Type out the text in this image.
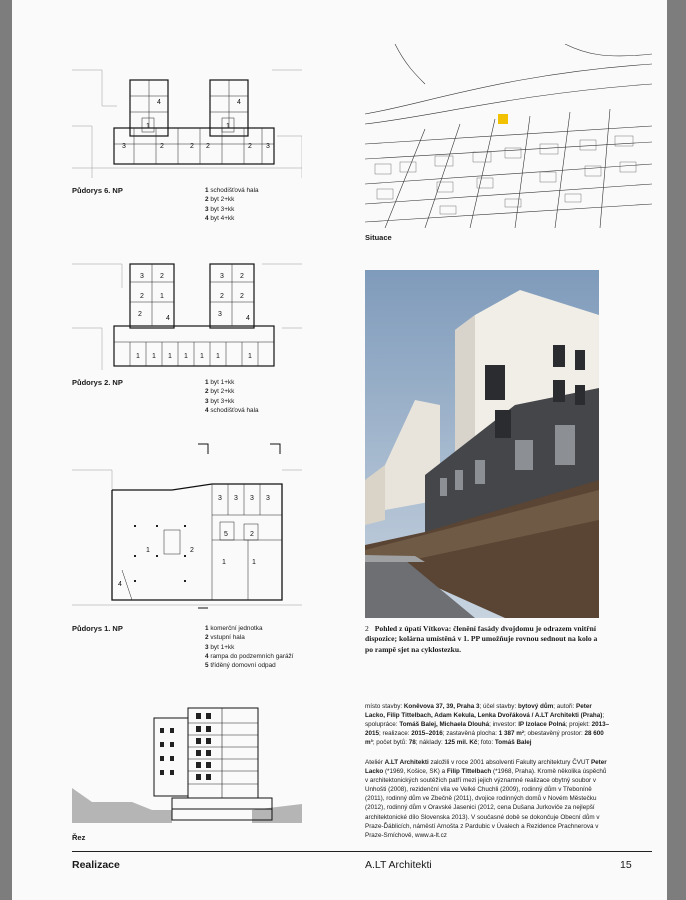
4	4
1	1
3	2	2 2	2 3
Půdorys 6. NP	1 schodišťová hala
2 byt 2+kk
3 byt 3+kk
4 byt 4+kk
3 2
2 1
2
4
3 2
2 2
3
4
1 1 1 1 1 1	1
Půdorys 2. NP	1 byt 1+kk
2 byt 2+kk
3 byt 3+kk
4 schodišťová hala
1	2
3 3 3 3
5	2
1	1
4
Půdorys 1. NP	1 komerční jednotka
2 vstupní hala
3 byt 1+kk
4 rampa do podzemních garáží
5 tříděný domovní odpad
Řez
Situace
2 Pohled z úpatí Vítkova: členění fasády dvojdomu je odrazem vnitřní dispozice; kolárna umístěná v 1. PP umožňuje rovnou sednout na kolo a po rampě sjet na cyklostezku.
místo stavby: Koněvova 37, 39, Praha 3; účel stavby: bytový dům; autoři: Peter Lacko, Filip Tittelbach, Adam Kekula, Lenka Dvořáková / A.LT Architekti (Praha); spolupráce: Tomáš Balej, Michaela Dlouhá; investor: IP Izolace Polná; projekt: 2013–2015; realizace: 2015–2016; zastavěná plocha: 1 387 m²; obestavěný prostor: 28 600 m³; počet bytů: 78; náklady: 125 mil. Kč; foto: Tomáš Balej
Ateliér A.LT Architekti založili v roce 2001 absolventi Fakulty architektury ČVUT Peter Lacko (*1969, Košice, SK) a Filip Tittelbach (*1968, Praha). Kromě několika úspěchů v architektonických soutěžích patří mezi jejich významné realizace obytný soubor v Unhošti (2008), rezidenční vila ve Velké Chuchli (2009), rodinný dům v Třeboníně (2011), rodinný dům ve Zbečně (2011), dvojice rodinných domů v Novém Městečku (2012), rodinný dům v Oravské Jasenici (2012, cena Dušana Jurkoviče za nejlepší architektonické dílo Slovenska 2013). V současné době se dokončuje Obecní dům v Praze-Ďáblicích, náměstí Arnošta z Pardubic v Úvalech a Rezidence Prachnerova v Praze-Smíchově, www.a-lt.cz
Realizace	A.LT Architekti	15
